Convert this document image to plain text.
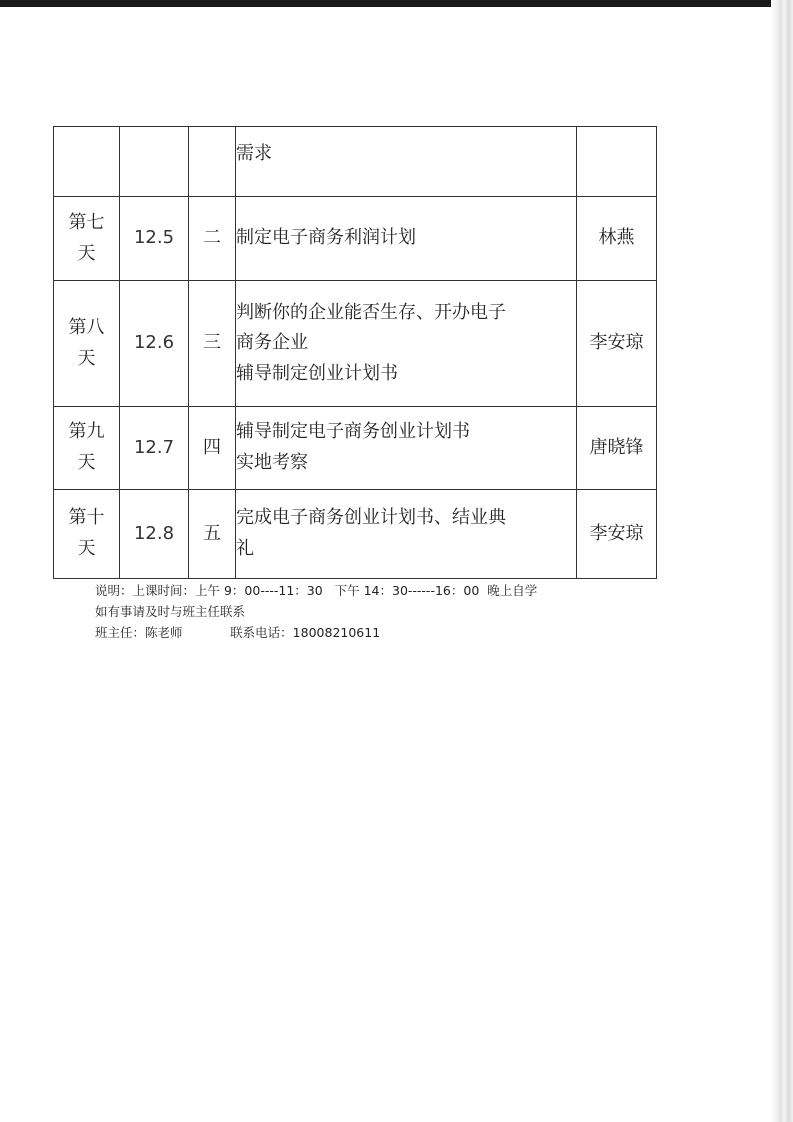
			需求	

第七
天	12.5	二	制定电子商务利润计划	林燕

第八
天	12.6	三	判断你的企业能否生存、开办电子
商务企业
辅导制定创业计划书	李安琼

第九
天	12.7	四	辅导制定电子商务创业计划书
实地考察	唐晓锋

第十
天	12.8	五	完成电子商务创业计划书、结业典
礼	李安琼
说明：上课时间：上午 9：00----11：30   下午 14：30------16：00  晚上自学
如有事请及时与班主任联系
班主任：陈老师            联系电话：18008210611
